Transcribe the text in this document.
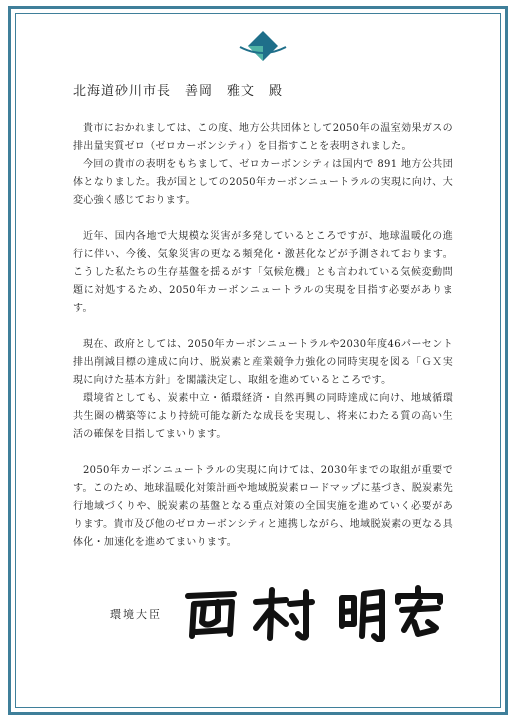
北海道砂川市長　善岡　雅文　殿

貴市におかれましては、この度、地方公共団体として2050年の温室効果ガスの排出量実質ゼロ（ゼロカーボンシティ）を目指すことを表明されました。

今回の貴市の表明をもちまして、ゼロカーボンシティは国内で 891 地方公共団体となりました。我が国としての2050年カーボンニュートラルの実現に向け、大変心強く感じております。

近年、国内各地で大規模な災害が多発しているところですが、地球温暖化の進行に伴い、今後、気象災害の更なる頻発化・激甚化などが予測されております。こうした私たちの生存基盤を揺るがす「気候危機」とも言われている気候変動問題に対処するため、2050年カーボンニュートラルの実現を目指す必要があります。

現在、政府としては、2050年カーボンニュートラルや2030年度46パーセント排出削減目標の達成に向け、脱炭素と産業競争力強化の同時実現を図る「ＧＸ実現に向けた基本方針」を閣議決定し、取組を進めているところです。

環境省としても、炭素中立・循環経済・自然再興の同時達成に向け、地域循環共生圏の構築等により持続可能な新たな成長を実現し、将来にわたる質の高い生活の確保を目指してまいります。

2050年カーボンニュートラルの実現に向けては、2030年までの取組が重要です。このため、地球温暖化対策計画や地域脱炭素ロードマップに基づき、脱炭素先行地域づくりや、脱炭素の基盤となる重点対策の全国実施を進めていく必要があります。貴市及び他のゼロカーボンシティと連携しながら、地域脱炭素の更なる具体化・加速化を進めてまいります。

環境大臣
